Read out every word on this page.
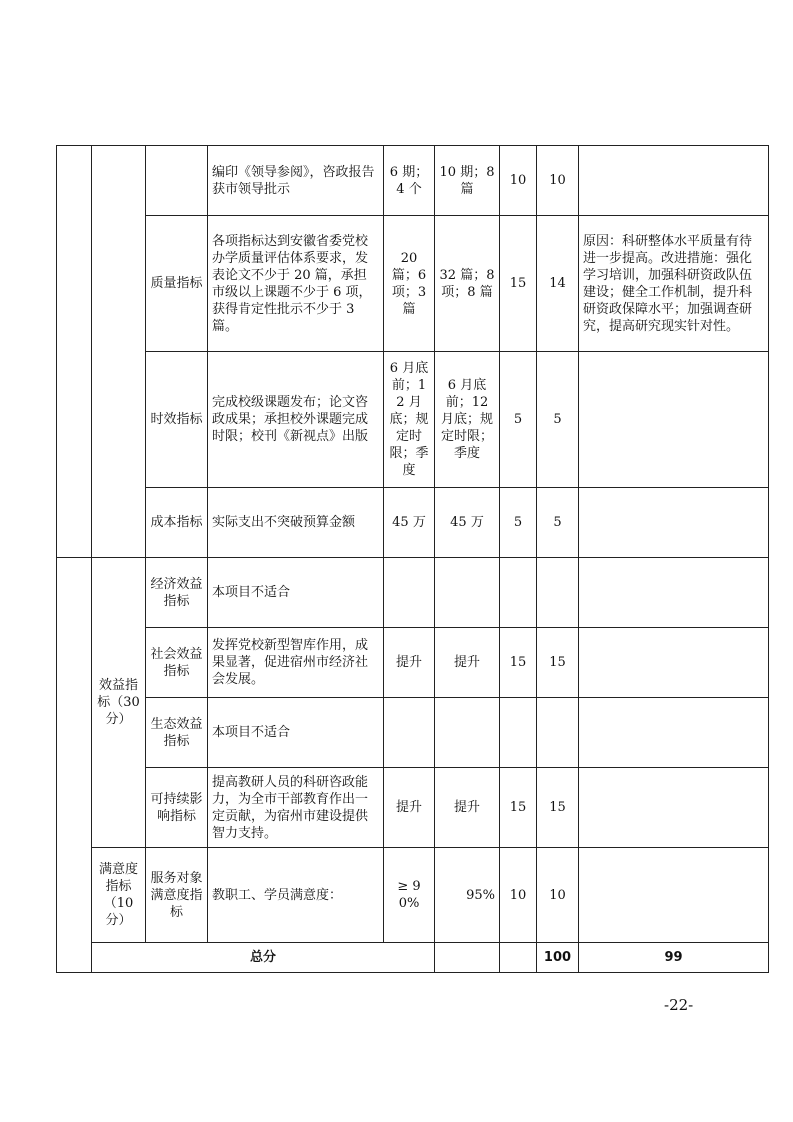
			编印《领导参阅》，咨政报告获市领导批示	6 期；4 个	10 期；8 篇	10	10		
		质量指标	各项指标达到安徽省委党校办学质量评估体系要求，发表论文不少于 20 篇，承担市级以上课题不少于 6 项，获得肯定性批示不少于 3 篇。	20 篇；6 项；3 篇	32 篇；8 项；8 篇	15	14	原因：科研整体水平质量有待进一步提高。改进措施：强化学习培训，加强科研资政队伍建设；健全工作机制，提升科研资政保障水平；加强调查研究，提高研究现实针对性。	
		时效指标	完成校级课题发布；论文咨政成果；承担校外课题完成时限；校刊《新视点》出版	6 月底前；12 月底；规定时限；季度	6 月底前；12 月底；规定时限；季度	5	5		
		成本指标	实际支出不突破预算金额	45 万	45 万	5	5		
	效益指标（30 分）	经济效益指标	本项目不适合						
		社会效益指标	发挥党校新型智库作用，成果显著，促进宿州市经济社会发展。	提升	提升	15	15		
		生态效益指标	本项目不适合						
		可持续影响指标	提高教研人员的科研咨政能力，为全市干部教育作出一定贡献，为宿州市建设提供智力支持。	提升	提升	15	15		
	满意度指标（10 分）	服务对象满意度指标	教职工、学员满意度：	≥ 90%	95%	10	10		
	总分						100	99	
-22-
